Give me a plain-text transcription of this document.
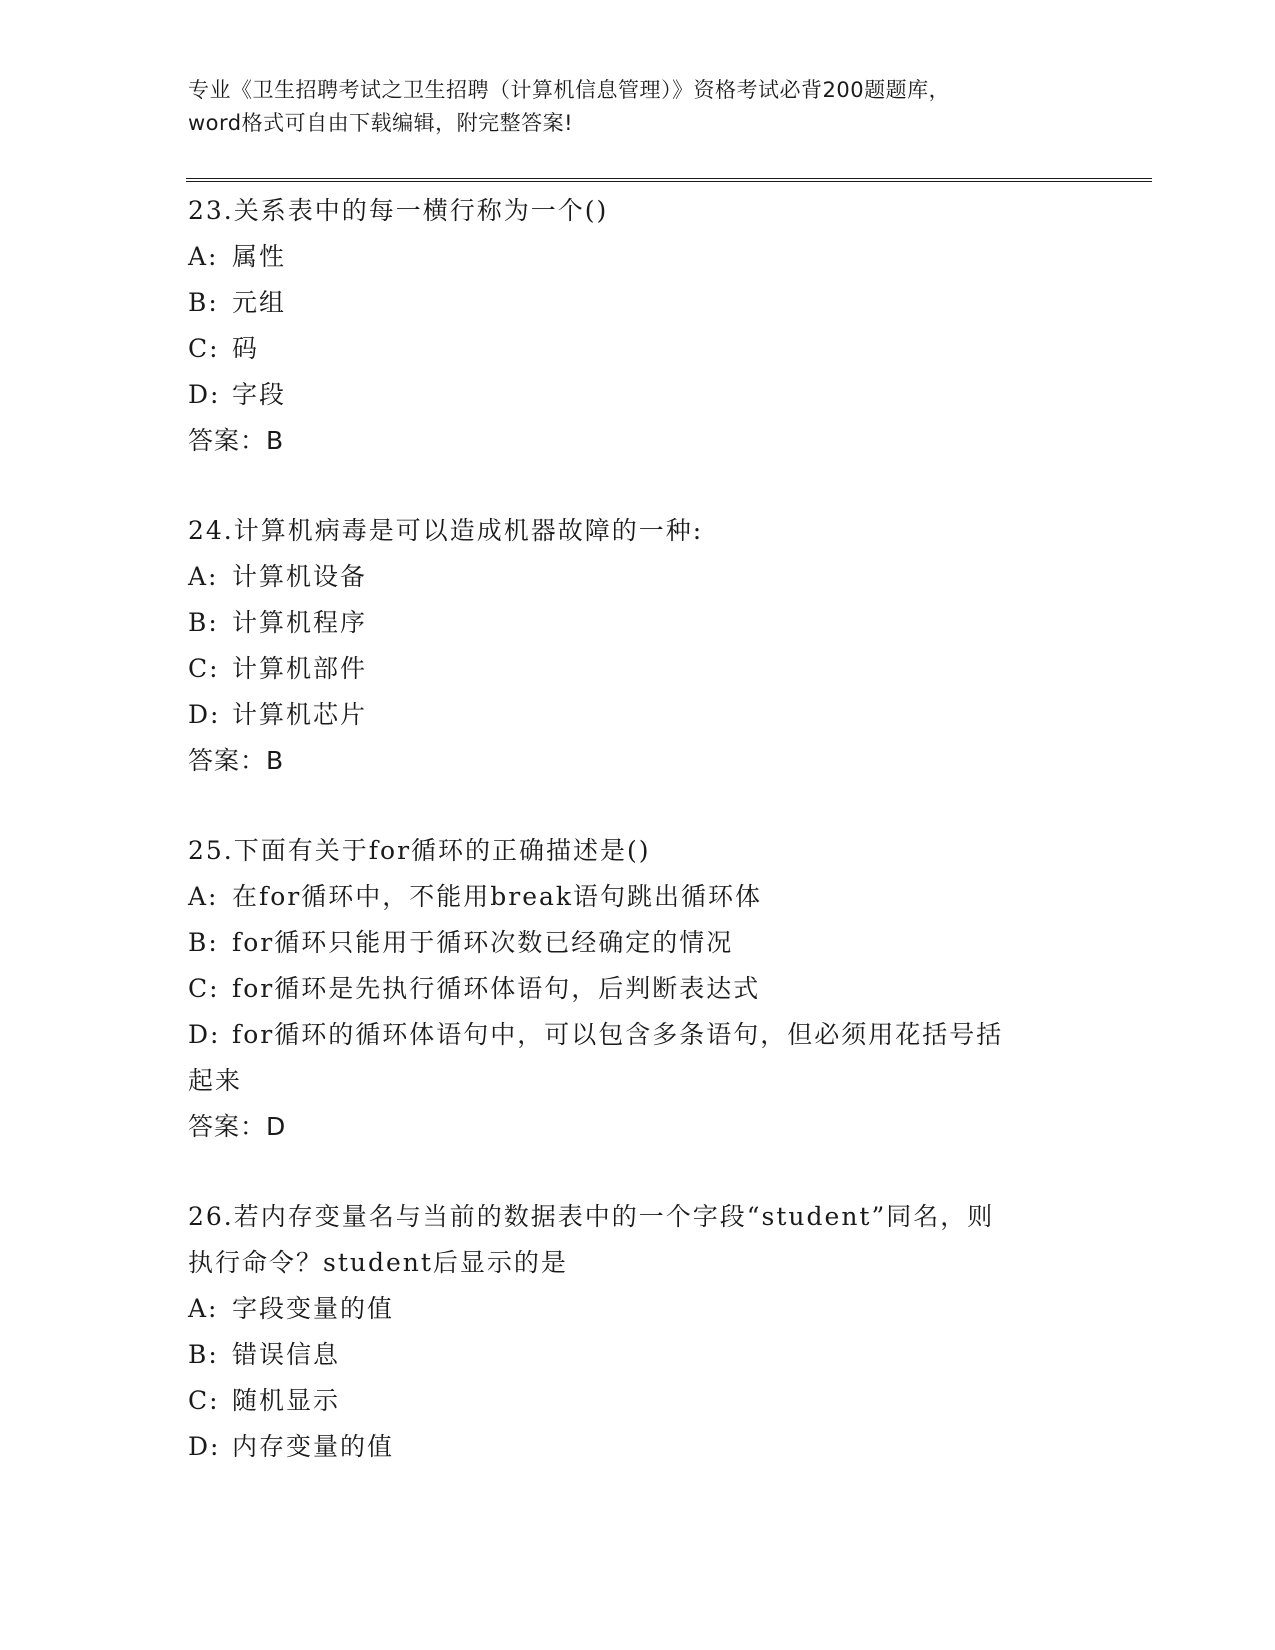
专业《卫生招聘考试之卫生招聘（计算机信息管理）》资格考试必背200题题库，
word格式可自由下载编辑，附完整答案!
23.关系表中的每一横行称为一个()
A: 属性
B: 元组
C: 码
D: 字段
答案：B
24.计算机病毒是可以造成机器故障的一种:
A: 计算机设备
B: 计算机程序
C: 计算机部件
D: 计算机芯片
答案：B
25.下面有关于for循环的正确描述是()
A: 在for循环中，不能用break语句跳出循环体
B: for循环只能用于循环次数已经确定的情况
C: for循环是先执行循环体语句，后判断表达式
D: for循环的循环体语句中，可以包含多条语句，但必须用花括号括
起来
答案：D
26.若内存变量名与当前的数据表中的一个字段“student”同名，则
执行命令？student后显示的是
A: 字段变量的值
B: 错误信息
C: 随机显示
D: 内存变量的值
